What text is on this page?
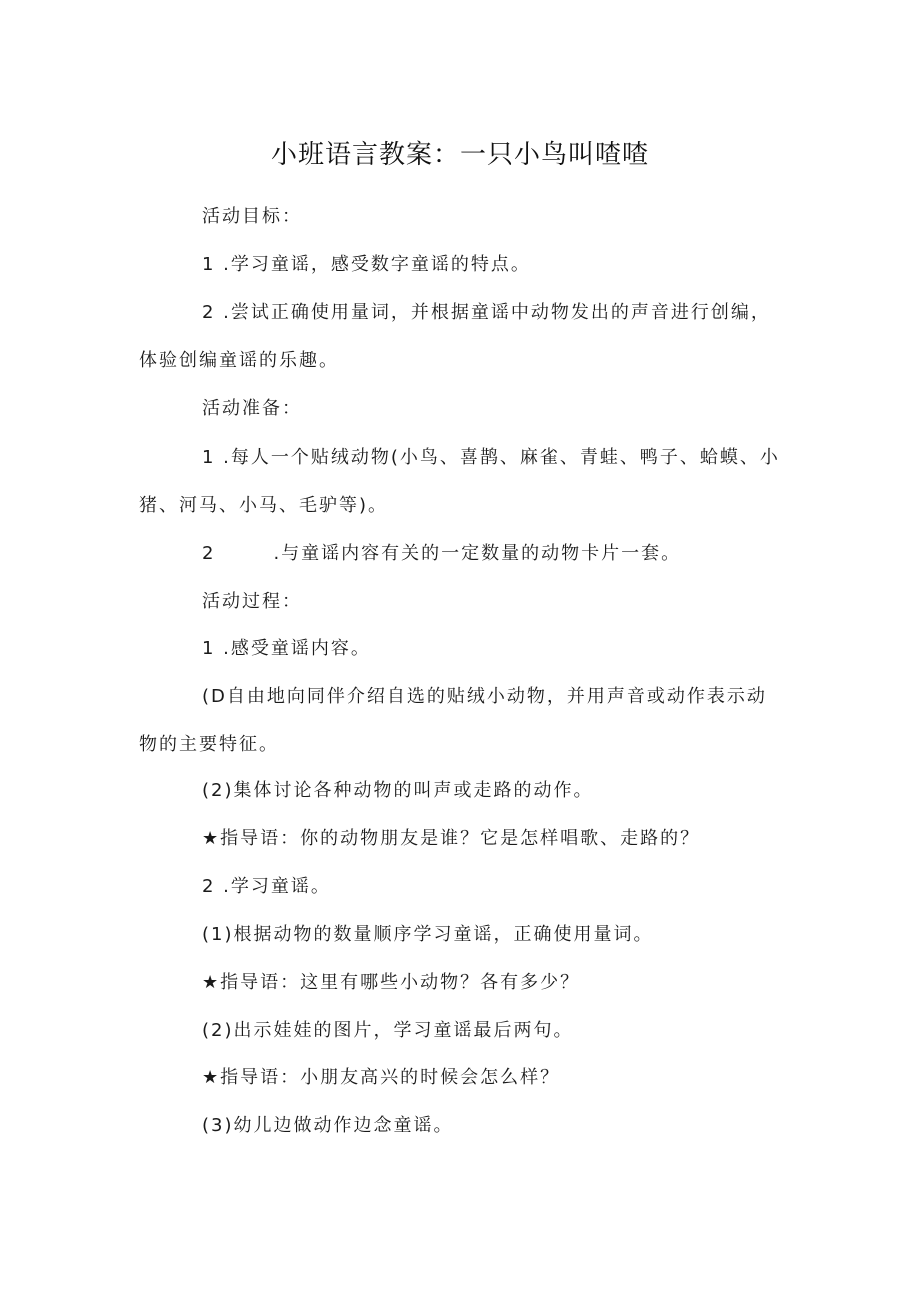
小班语言教案：一只小鸟叫喳喳
活动目标：
1 .学习童谣，感受数字童谣的特点。
2 .尝试正确使用量词，并根据童谣中动物发出的声音进行创编，
体验创编童谣的乐趣。
活动准备：
1 .每人一个贴绒动物(小鸟、喜鹊、麻雀、青蛙、鸭子、蛤蟆、小
猪、河马、小马、毛驴等)。
2	.与童谣内容有关的一定数量的动物卡片一套。
活动过程：
1 .感受童谣内容。
(D自由地向同伴介绍自选的贴绒小动物，并用声音或动作表示动
物的主要特征。
(2)集体讨论各种动物的叫声或走路的动作。
★指导语：你的动物朋友是谁？它是怎样唱歌、走路的？
2 .学习童谣。
(1)根据动物的数量顺序学习童谣，正确使用量词。
★指导语：这里有哪些小动物？各有多少？
(2)出示娃娃的图片，学习童谣最后两句。
★指导语：小朋友高兴的时候会怎么样？
(3)幼儿边做动作边念童谣。
